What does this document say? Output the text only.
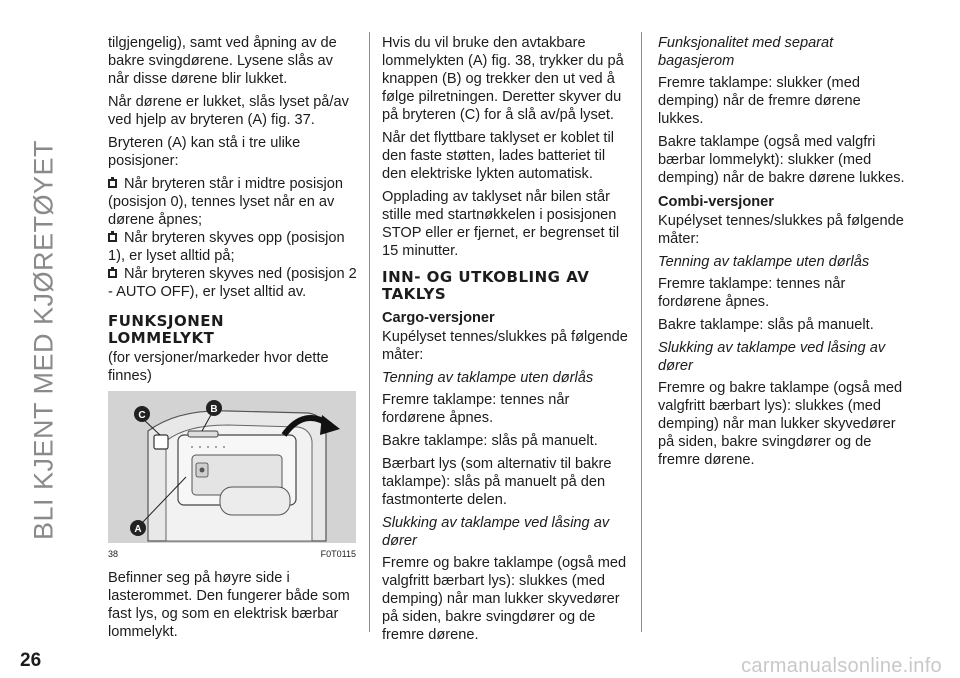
BLI KJENT MED KJØRETØYET

tilgjengelig), samt ved åpning av de bakre svingdørene. Lysene slås av når disse dørene blir lukket.

Når dørene er lukket, slås lyset på/av ved hjelp av bryteren (A) fig. 37.

Bryteren (A) kan stå i tre ulike posisjoner:

Når bryteren står i midtre posisjon (posisjon 0), tennes lyset når en av dørene åpnes;

Når bryteren skyves opp (posisjon 1), er lyset alltid på;

Når bryteren skyves ned (posisjon 2 - AUTO OFF), er lyset alltid av.

FUNKSJONEN
LOMMELYKT

(for versjoner/markeder hvor dette finnes)

C
B
A
38	F0T0115

Befinner seg på høyre side i lasterommet. Den fungerer både som fast lys, og som en elektrisk bærbar lommelykt.

Hvis du vil bruke den avtakbare lommelykten (A) fig. 38, trykker du på knappen (B) og trekker den ut ved å følge pilretningen. Deretter skyver du på bryteren (C) for å slå av/på lyset.

Når det flyttbare taklyset er koblet til den faste støtten, lades batteriet til den elektriske lykten automatisk.

Opplading av taklyset når bilen står stille med startnøkkelen i posisjonen STOP eller er fjernet, er begrenset til 15 minutter.

INN- OG UTKOBLING AV TAKLYS
Cargo-versjoner

Kupélyset tennes/slukkes på følgende måter:

Tenning av taklampe uten dørlås

Fremre taklampe: tennes når fordørene åpnes.

Bakre taklampe: slås på manuelt.

Bærbart lys (som alternativ til bakre taklampe): slås på manuelt på den fastmonterte delen.

Slukking av taklampe ved låsing av dører

Fremre og bakre taklampe (også med valgfritt bærbart lys): slukkes (med demping) når man lukker skyvedører på siden, bakre svingdører og de fremre dørene.

Funksjonalitet med separat bagasjerom

Fremre taklampe: slukker (med demping) når de fremre dørene lukkes.

Bakre taklampe (også med valgfri bærbar lommelykt): slukker (med demping) når de bakre dørene lukkes.

Combi-versjoner

Kupélyset tennes/slukkes på følgende måter:

Tenning av taklampe uten dørlås

Fremre taklampe: tennes når fordørene åpnes.

Bakre taklampe: slås på manuelt.

Slukking av taklampe ved låsing av dører

Fremre og bakre taklampe (også med valgfritt bærbart lys): slukkes (med demping) når man lukker skyvedører på siden, bakre svingdører og de fremre dørene.

26	carmanualsonline.info
